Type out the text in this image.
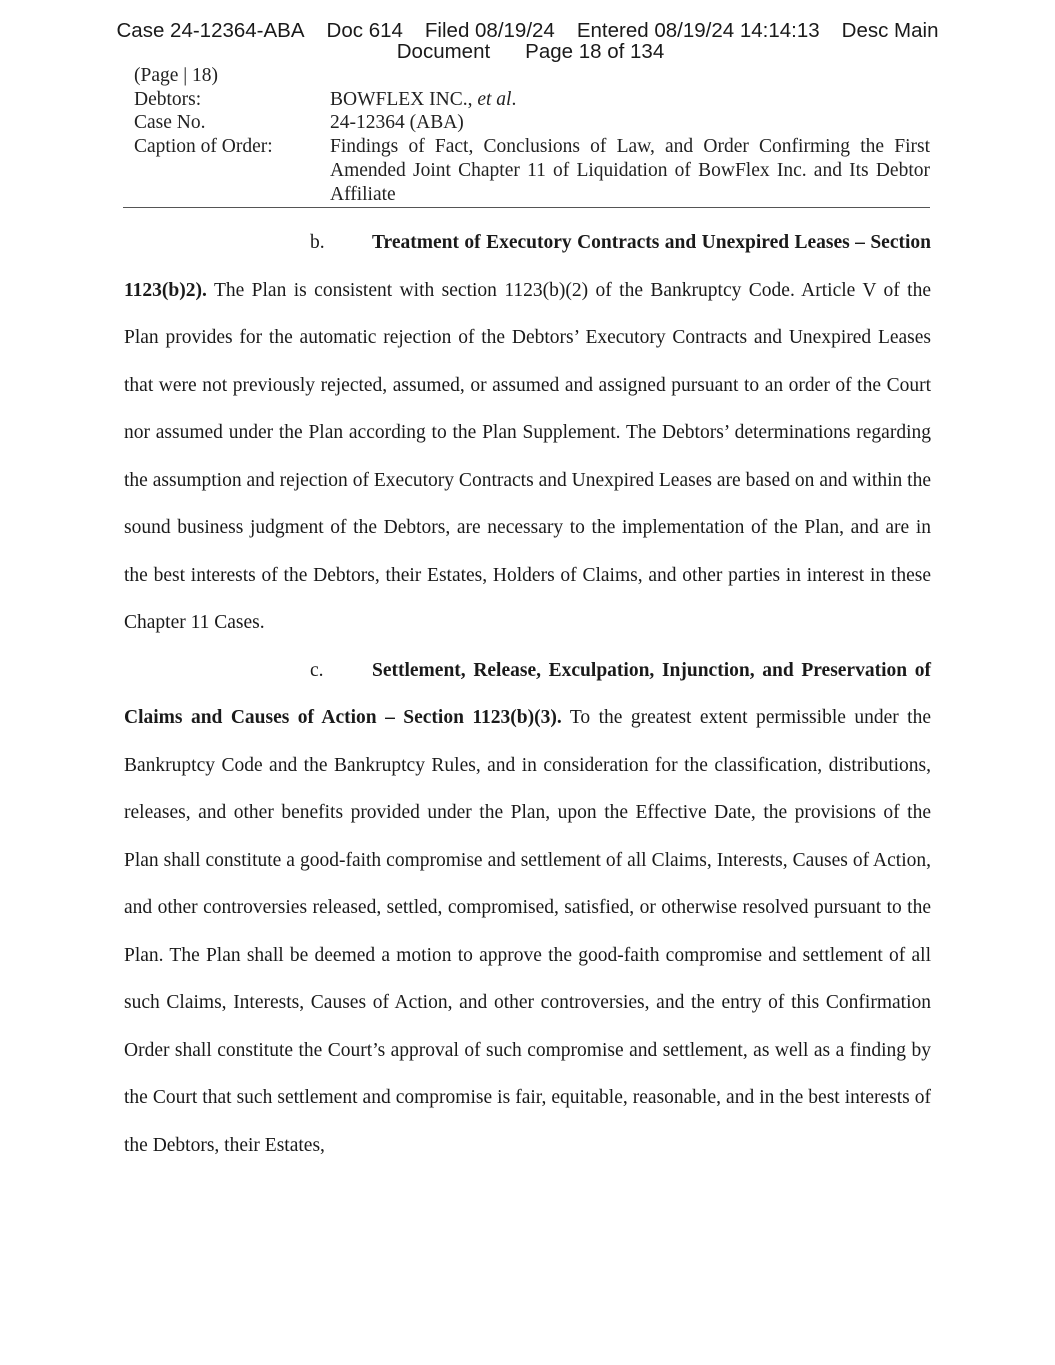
Case 24-12364-ABA Doc 614 Filed 08/19/24 Entered 08/19/24 14:14:13 Desc Main
Document Page 18 of 134
(Page | 18)
Debtors:	BOWFLEX INC., et al.
Case No.	24-12364 (ABA)
Caption of Order:	Findings of Fact, Conclusions of Law, and Order Confirming the First Amended Joint Chapter 11 of Liquidation of BowFlex Inc. and Its Debtor Affiliate

b. Treatment of Executory Contracts and Unexpired Leases – Section 1123(b)2). The Plan is consistent with section 1123(b)(2) of the Bankruptcy Code. Article V of the Plan provides for the automatic rejection of the Debtors’ Executory Contracts and Unexpired Leases that were not previously rejected, assumed, or assumed and assigned pursuant to an order of the Court nor assumed under the Plan according to the Plan Supplement. The Debtors’ determinations regarding the assumption and rejection of Executory Contracts and Unexpired Leases are based on and within the sound business judgment of the Debtors, are necessary to the implementation of the Plan, and are in the best interests of the Debtors, their Estates, Holders of Claims, and other parties in interest in these Chapter 11 Cases.

c. Settlement, Release, Exculpation, Injunction, and Preservation of Claims and Causes of Action – Section 1123(b)(3). To the greatest extent permissible under the Bankruptcy Code and the Bankruptcy Rules, and in consideration for the classification, distributions, releases, and other benefits provided under the Plan, upon the Effective Date, the provisions of the Plan shall constitute a good-faith compromise and settlement of all Claims, Interests, Causes of Action, and other controversies released, settled, compromised, satisfied, or otherwise resolved pursuant to the Plan. The Plan shall be deemed a motion to approve the good-faith compromise and settlement of all such Claims, Interests, Causes of Action, and other controversies, and the entry of this Confirmation Order shall constitute the Court’s approval of such compromise and settlement, as well as a finding by the Court that such settlement and compromise is fair, equitable, reasonable, and in the best interests of the Debtors, their Estates,
